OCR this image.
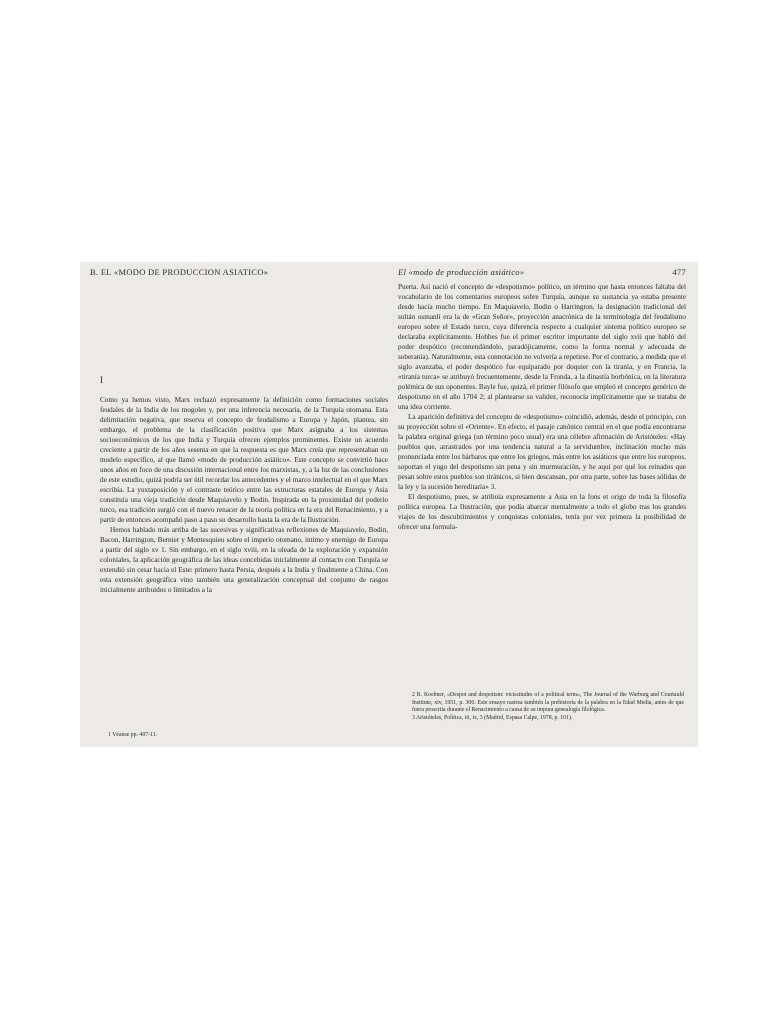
B. EL «MODO DE PRODUCCION ASIATICO»
I

Como ya hemos visto, Marx rechazó expresamente la definición como formaciones sociales feudales de la India de los mogoles y, por una inferencia necesaria, de la Turquía otomana. Esta delimitación negativa, que reserva el concepto de feudalismo a Europa y Japón, plantea, sin embargo, el problema de la clasificación positiva que Marx asignaba a los sistemas socioeconómicos de los que India y Turquía ofrecen ejemplos prominentes. Existe un acuerdo creciente a partir de los años sesenta en que la respuesta es que Marx creía que representaban un modelo específico, al que llamó «modo de producción asiático». Este concepto se convirtió hace unos años en foco de una discusión internacional entre los marxistas, y, a la luz de las conclusiones de este estudio, quizá podría ser útil recordar los antecedentes y el marco intelectual en el que Marx escribía. La yuxtaposición y el contraste teórico entre las estructuras estatales de Europa y Asia constituía una vieja tradición desde Maquiavelo y Bodin. Inspirada en la proximidad del poderío turco, esa tradición surgió con el nuevo renacer de la teoría política en la era del Renacimiento, y a partir de entonces acompañó paso a paso su desarrollo hasta la era de la Ilustración.

Hemos hablado más arriba de las sucesivas y significativas reflexiones de Maquiavelo, Bodin, Bacon, Harrington, Bernier y Montesquieu sobre el imperio otomano, íntimo y enemigo de Europa a partir del siglo xv 1. Sin embargo, en el siglo xviii, en la oleada de la exploración y expansión coloniales, la aplicación geográfica de las ideas concebidas inicialmente al contacto con Turquía se extendió sin cesar hacia el Este: primero hasta Persia, después a la India y finalmente a China. Con esta extensión geográfica vino también una generalización conceptual del conjunto de rasgos inicialmente atribuidos o limitados a la

1 Véanse pp. 407-11.

El «modo de producción asiático»	477

Puerta. Así nació el concepto de «despotismo» político, un término que hasta entonces faltaba del vocabulario de los comentarios europeos sobre Turquía, aunque su sustancia ya estaba presente desde hacía mucho tiempo. En Maquiavelo, Bodin o Harrington, la designación tradicional del sultán osmanlí era la de «Gran Señor», proyección anacrónica de la terminología del feudalismo europeo sobre el Estado turco, cuya diferencia respecto a cualquier sistema político europeo se declaraba explícitamente. Hobbes fue el primer escritor importante del siglo xvii que habló del poder despótico (recomendándolo, paradójicamente, como la forma normal y adecuada de soberanía). Naturalmente, esta connotación no volvería a repetirse. Por el contrario, a medida que el siglo avanzaba, el poder despótico fue equiparado por doquier con la tiranía, y en Francia, la «tiranía turca» se atribuyó frecuentemente, desde la Fronda, a la dinastía borbónica, en la literatura polémica de sus oponentes. Bayle fue, quizá, el primer filósofo que empleó el concepto genérico de despotismo en el año 1704 2; al plantearse su validez, reconocía implícitamente que se trataba de una idea corriente.

La aparición definitiva del concepto de «despotismo» coincidió, además, desde el principio, con su proyección sobre el «Oriente». En efecto, el pasaje canónico central en el que podía encontrarse la palabra original griega (un término poco usual) era una célebre afirmación de Aristóteles: «Hay pueblos que, arrastrados por una tendencia natural a la servidumbre, inclinación mucho más pronunciada entre los bárbaros que entre los griegos, más entre los asiáticos que entre los europeos, soportan el yugo del despotismo sin pena y sin murmuración, y he aquí por qué los reinados que pesan sobre estos pueblos son tiránicos, si bien descansan, por otra parte, sobre las bases sólidas de la ley y la sucesión hereditaria» 3.

El despotismo, pues, se atribuía expresamente a Asia en la fons et origo de toda la filosofía política europea. La Ilustración, que podía abarcar mentalmente a todo el globo tras los grandes viajes de los descubrimientos y conquistas coloniales, tenía por vez primera la posibilidad de ofrecer una formula-

2 R. Koebner, «Despot and despotism: vicissitudes of a political term», The Journal of the Warburg and Courtauld Institute, xiv, 1951, p. 300. Este ensayo rastrea también la prehistoria de la palabra en la Edad Media, antes de que fuera proscrita durante el Renacimiento a causa de su impura genealogía filológica.

3 Aristóteles, Política, iii, ix, 3 (Madrid, Espasa Calpe, 1978, p. 101).
